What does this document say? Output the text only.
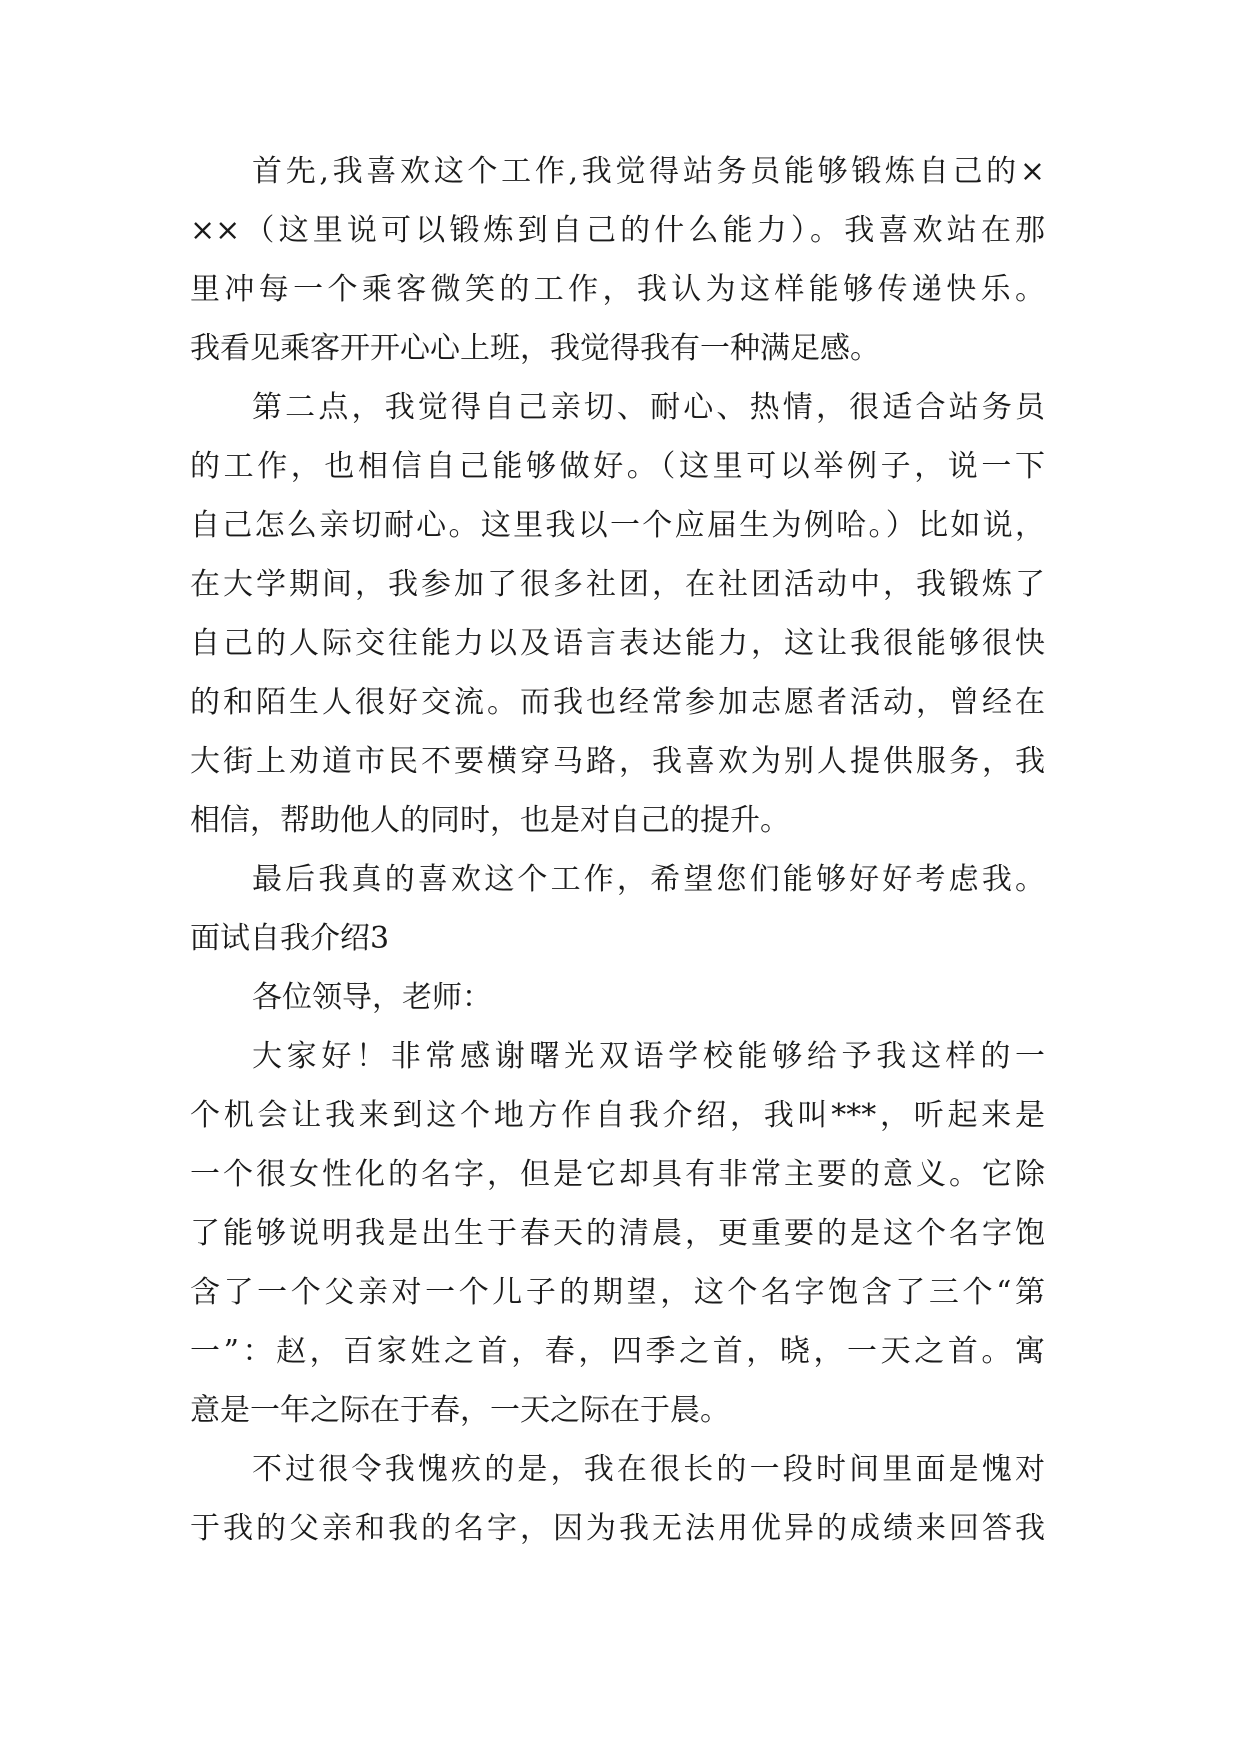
首先,我喜欢这个工作,我觉得站务员能够锻炼自己的×

××（这里说可以锻炼到自己的什么能力）。我喜欢站在那

里冲每一个乘客微笑的工作，我认为这样能够传递快乐。

我看见乘客开开心心上班，我觉得我有一种满足感。

第二点，我觉得自己亲切、耐心、热情，很适合站务员

的工作，也相信自己能够做好。（这里可以举例子，说一下

自己怎么亲切耐心。这里我以一个应届生为例哈。）比如说，

在大学期间，我参加了很多社团，在社团活动中，我锻炼了

自己的人际交往能力以及语言表达能力，这让我很能够很快

的和陌生人很好交流。而我也经常参加志愿者活动，曾经在

大街上劝道市民不要横穿马路，我喜欢为别人提供服务，我

相信，帮助他人的同时，也是对自己的提升。

最后我真的喜欢这个工作，希望您们能够好好考虑我。

面试自我介绍3

各位领导，老师：

大家好！非常感谢曙光双语学校能够给予我这样的一

个机会让我来到这个地方作自我介绍，我叫***，听起来是

一个很女性化的名字，但是它却具有非常主要的意义。它除

了能够说明我是出生于春天的清晨，更重要的是这个名字饱

含了一个父亲对一个儿子的期望，这个名字饱含了三个“第

一”：赵，百家姓之首，春，四季之首，晓，一天之首。寓

意是一年之际在于春，一天之际在于晨。

不过很令我愧疚的是，我在很长的一段时间里面是愧对

于我的父亲和我的名字，因为我无法用优异的成绩来回答我
